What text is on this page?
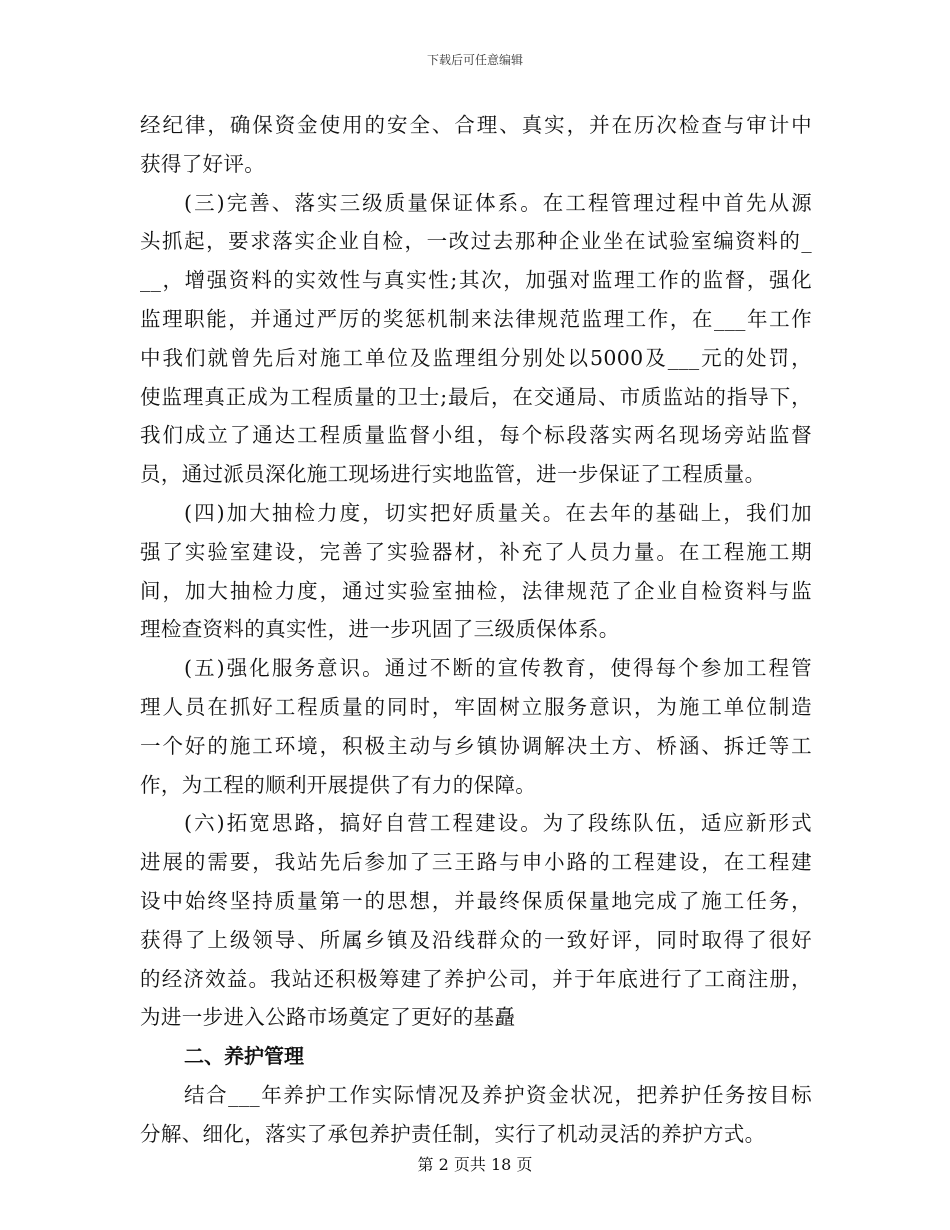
下载后可任意编辑
经纪律，确保资金使用的安全、合理、真实，并在历次检查与审计中
获得了好评。
(三)完善、落实三级质量保证体系。在工程管理过程中首先从源
头抓起，要求落实企业自检，一改过去那种企业坐在试验室编资料的_
__，增强资料的实效性与真实性;其次，加强对监理工作的监督，强化
监理职能，并通过严厉的奖惩机制来法律规范监理工作，在___年工作
中我们就曾先后对施工单位及监理组分别处以5000及___元的处罚，
使监理真正成为工程质量的卫士;最后，在交通局、市质监站的指导下，
我们成立了通达工程质量监督小组，每个标段落实两名现场旁站监督
员，通过派员深化施工现场进行实地监管，进一步保证了工程质量。
(四)加大抽检力度，切实把好质量关。在去年的基础上，我们加
强了实验室建设，完善了实验器材，补充了人员力量。在工程施工期
间，加大抽检力度，通过实验室抽检，法律规范了企业自检资料与监
理检查资料的真实性，进一步巩固了三级质保体系。
(五)强化服务意识。通过不断的宣传教育，使得每个参加工程管
理人员在抓好工程质量的同时，牢固树立服务意识，为施工单位制造
一个好的施工环境，积极主动与乡镇协调解决土方、桥涵、拆迁等工
作，为工程的顺利开展提供了有力的保障。
(六)拓宽思路，搞好自营工程建设。为了段练队伍，适应新形式
进展的需要，我站先后参加了三王路与申小路的工程建设，在工程建
设中始终坚持质量第一的思想，并最终保质保量地完成了施工任务，
获得了上级领导、所属乡镇及沿线群众的一致好评，同时取得了很好
的经济效益。我站还积极筹建了养护公司，并于年底进行了工商注册，
为进一步进入公路市场奠定了更好的基矗
二、养护管理
结合___年养护工作实际情况及养护资金状况，把养护任务按目标
分解、细化，落实了承包养护责任制，实行了机动灵活的养护方式。
第 2 页共 18 页
